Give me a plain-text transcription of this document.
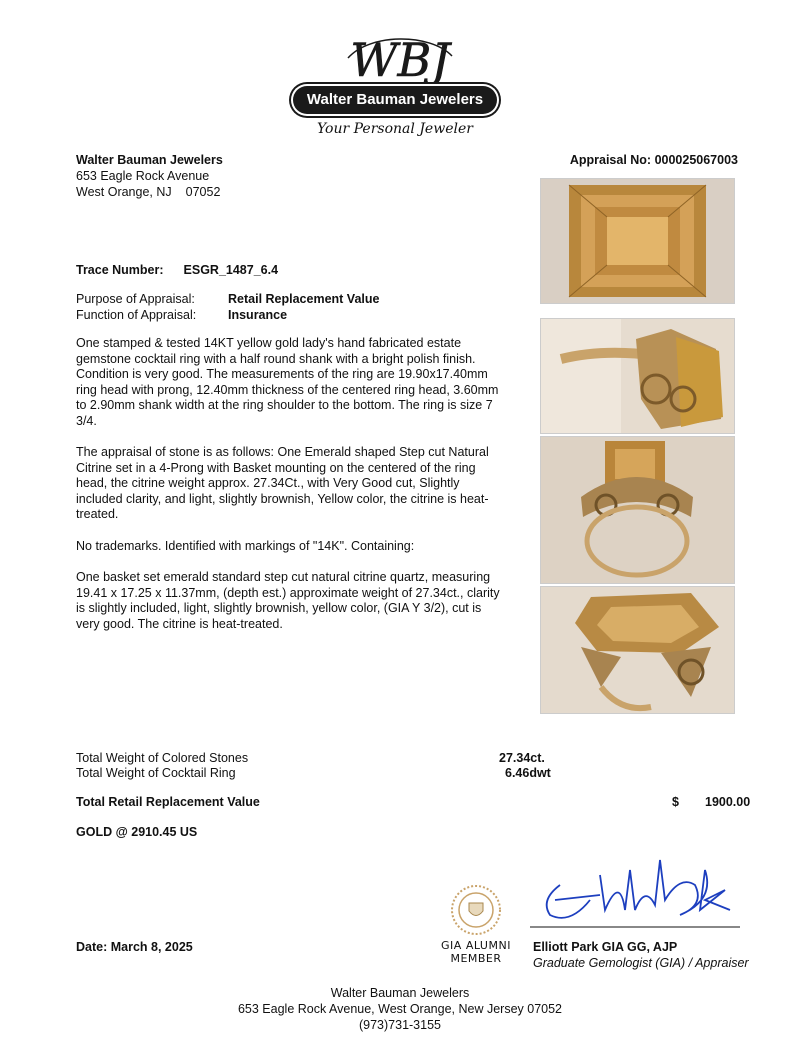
WBJ
Walter Bauman Jewelers
Your Personal Jeweler
Walter Bauman Jewelers
653 Eagle Rock Avenue
West Orange, NJ 07052
Appraisal No: 000025067003
Trace Number: ESGR_1487_6.4
Purpose of Appraisal:	Retail Replacement Value
Function of Appraisal:	Insurance

One stamped & tested 14KT yellow gold lady's hand fabricated estate gemstone cocktail ring with a half round shank with a bright polish finish. Condition is very good. The measurements of the ring are 19.90x17.40mm ring head with prong, 12.40mm thickness of the centered ring head, 3.60mm to 2.90mm shank width at the ring shoulder to the bottom. The ring is size 7 3/4.

The appraisal of stone is as follows: One Emerald shaped Step cut Natural Citrine set in a 4-Prong with Basket mounting on the centered of the ring head, the citrine weight approx. 27.34Ct., with Very Good cut, Slightly included clarity, and light, slightly brownish, Yellow color, the citrine is heat-treated.

No trademarks. Identified with markings of "14K". Containing:

One basket set emerald standard step cut natural citrine quartz, measuring 19.41 x 17.25 x 11.37mm, (depth est.) approximate weight of 27.34ct., clarity is slightly included, light, slightly brownish, yellow color, (GIA Y 3/2), cut is very good. The citrine is heat-treated.

Total Weight of Colored Stones	27.34ct.
Total Weight of Cocktail Ring	6.46dwt
Total Retail Replacement Value	$ 1900.00
GOLD @ 2910.45 US
Date: March 8, 2025	GIA ALUMNI
MEMBER
Elliott Park GIA GG, AJP
Graduate Gemologist (GIA) / Appraiser
Walter Bauman Jewelers
653 Eagle Rock Avenue, West Orange, New Jersey 07052
(973)731-3155
